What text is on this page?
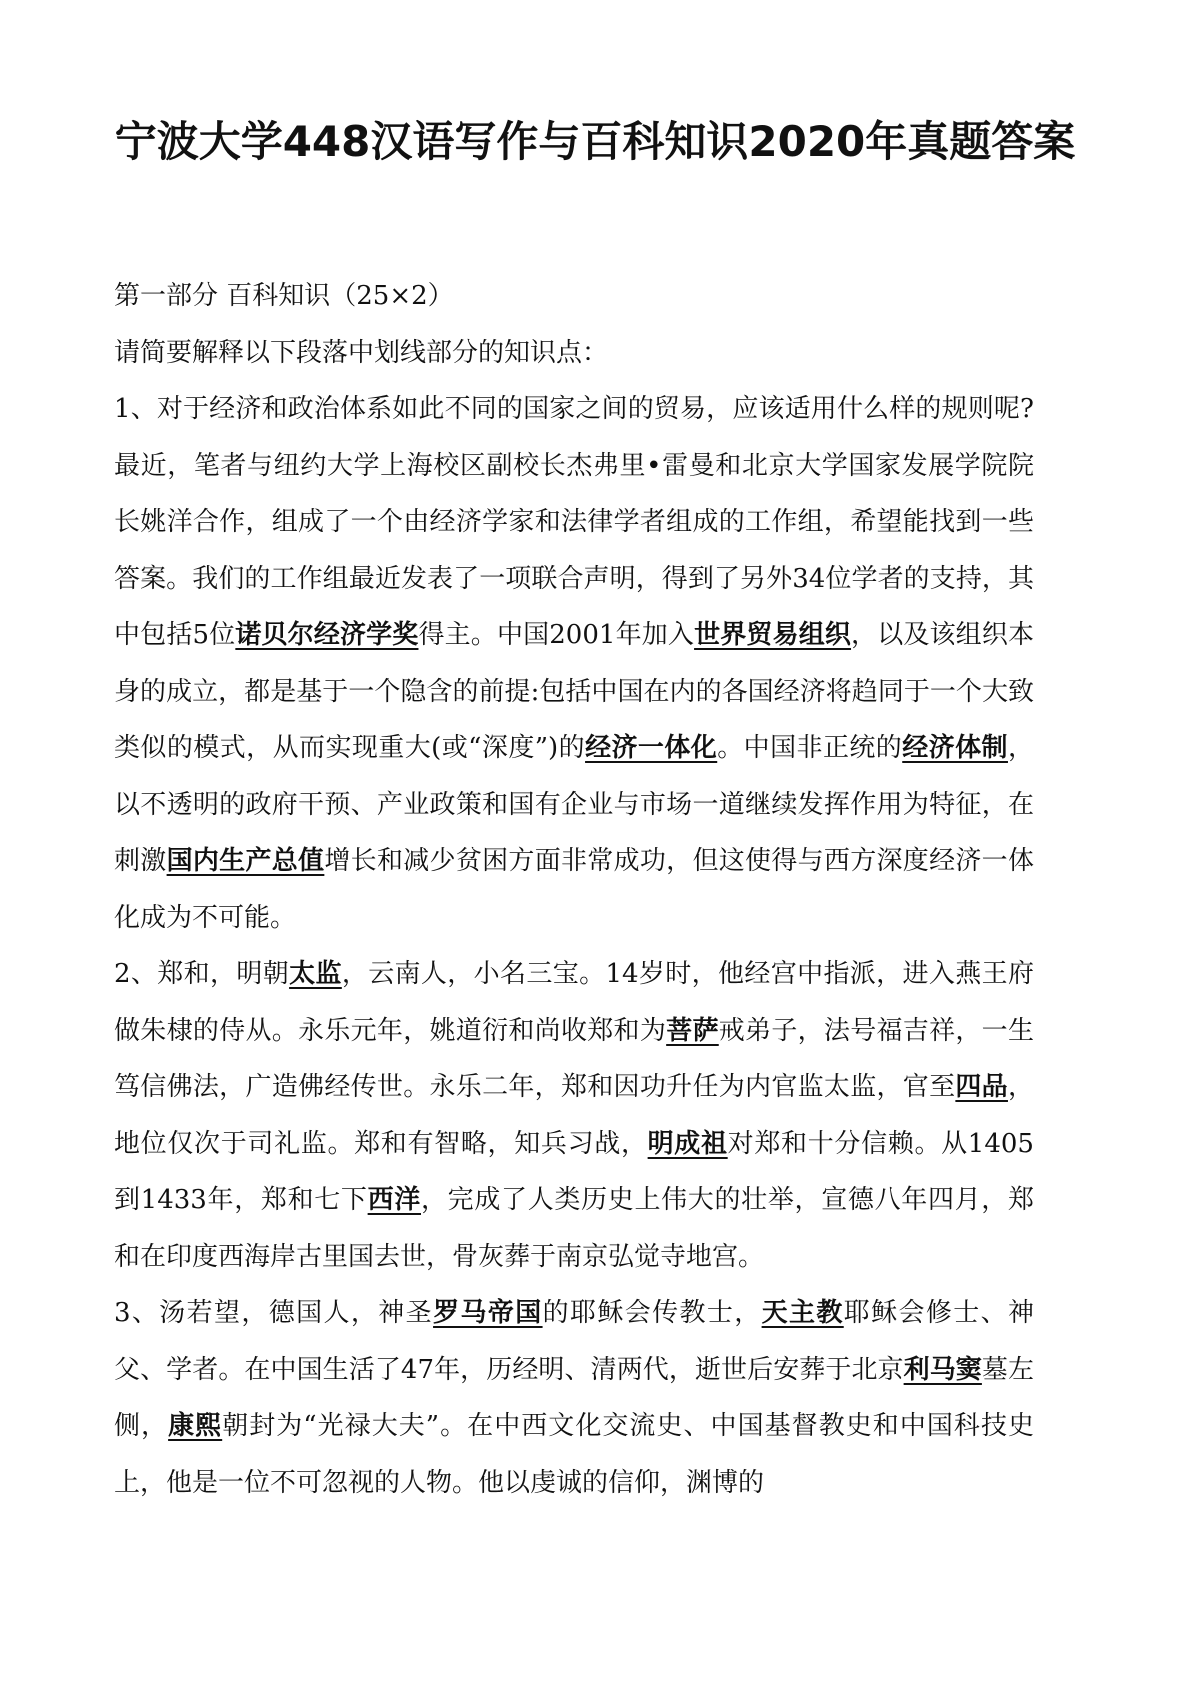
宁波大学448汉语写作与百科知识2020年真题答案

第一部分 百科知识（25×2）

请简要解释以下段落中划线部分的知识点：

1、对于经济和政治体系如此不同的国家之间的贸易，应该适用什么样的规则呢?最近，笔者与纽约大学上海校区副校长杰弗里•雷曼和北京大学国家发展学院院长姚洋合作，组成了一个由经济学家和法律学者组成的工作组，希望能找到一些答案。我们的工作组最近发表了一项联合声明，得到了另外34位学者的支持，其中包括5位诺贝尔经济学奖得主。中国2001年加入世界贸易组织，以及该组织本身的成立，都是基于一个隐含的前提:包括中国在内的各国经济将趋同于一个大致类似的模式，从而实现重大(或“深度”)的经济一体化。中国非正统的经济体制，以不透明的政府干预、产业政策和国有企业与市场一道继续发挥作用为特征，在刺激国内生产总值增长和减少贫困方面非常成功，但这使得与西方深度经济一体化成为不可能。

2、郑和，明朝太监，云南人，小名三宝。14岁时，他经宫中指派，进入燕王府做朱棣的侍从。永乐元年，姚道衍和尚收郑和为菩萨戒弟子，法号福吉祥，一生笃信佛法，广造佛经传世。永乐二年，郑和因功升任为内官监太监，官至四品，地位仅次于司礼监。郑和有智略，知兵习战，明成祖对郑和十分信赖。从1405到1433年，郑和七下西洋，完成了人类历史上伟大的壮举，宣德八年四月，郑和在印度西海岸古里国去世，骨灰葬于南京弘觉寺地宫。

3、汤若望，德国人，神圣罗马帝国的耶稣会传教士，天主教耶稣会修士、神父、学者。在中国生活了47年，历经明、清两代，逝世后安葬于北京利马窦墓左侧，康熙朝封为“光禄大夫”。在中西文化交流史、中国基督教史和中国科技史上，他是一位不可忽视的人物。他以虔诚的信仰，渊博的
